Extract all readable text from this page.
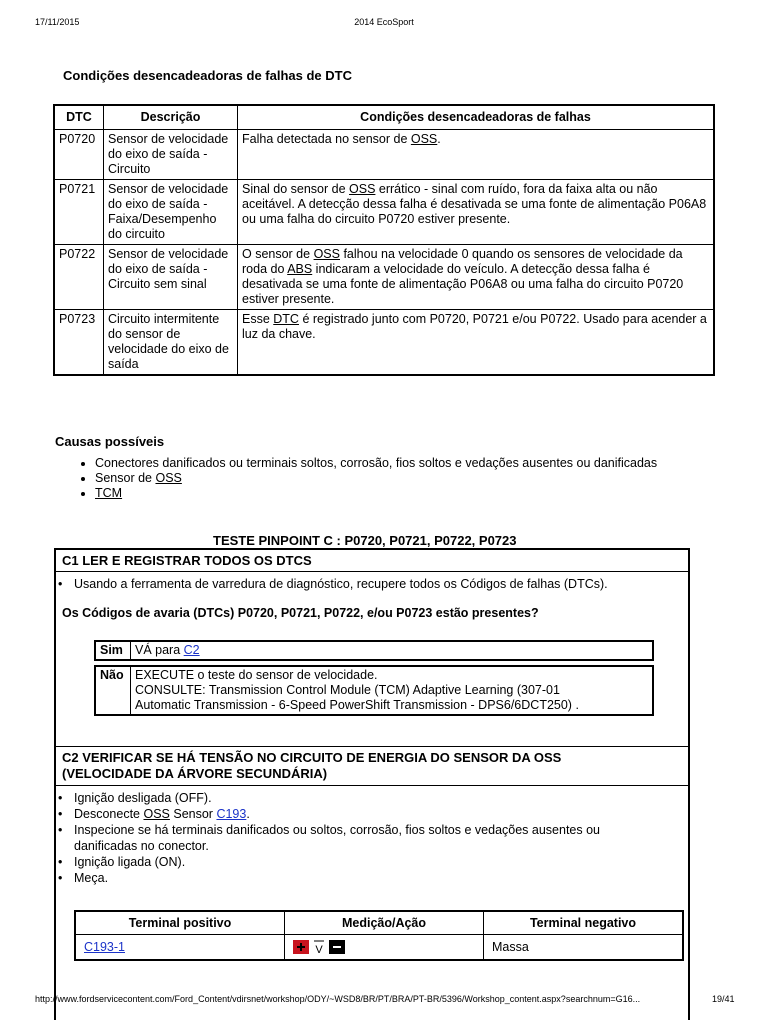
17/11/2015	2014 EcoSport
Condições desencadeadoras de falhas de DTC
DTC	Descrição	Condições desencadeadoras de falhas
P0720	Sensor de velocidade do eixo de saída - Circuito	Falha detectada no sensor de OSS.
P0721	Sensor de velocidade do eixo de saída - Faixa/Desempenho do circuito	Sinal do sensor de OSS errático - sinal com ruído, fora da faixa alta ou não aceitável. A detecção dessa falha é desativada se uma fonte de alimentação P06A8 ou uma falha do circuito P0720 estiver presente.
P0722	Sensor de velocidade do eixo de saída - Circuito sem sinal	O sensor de OSS falhou na velocidade 0 quando os sensores de velocidade da roda do ABS indicaram a velocidade do veículo. A detecção dessa falha é desativada se uma fonte de alimentação P06A8 ou uma falha do circuito P0720 estiver presente.
P0723	Circuito intermitente do sensor de velocidade do eixo de saída	Esse DTC é registrado junto com P0720, P0721 e/ou P0722. Usado para acender a luz da chave.
Causas possíveis
• Conectores danificados ou terminais soltos, corrosão, fios soltos e vedações ausentes ou danificadas
• Sensor de OSS
• TCM
TESTE PINPOINT C : P0720, P0721, P0722, P0723
C1 LER E REGISTRAR TODOS OS DTCS
• Usando a ferramenta de varredura de diagnóstico, recupere todos os Códigos de falhas (DTCs).
Os Códigos de avaria (DTCs) P0720, P0721, P0722, e/ou P0723 estão presentes?
Sim	VÁ para C2
Não	EXECUTE o teste do sensor de velocidade.
CONSULTE: Transmission Control Module (TCM) Adaptive Learning (307-01
Automatic Transmission - 6-Speed PowerShift Transmission - DPS6/6DCT250) .
C2 VERIFICAR SE HÁ TENSÃO NO CIRCUITO DE ENERGIA DO SENSOR DA OSS
(VELOCIDADE DA ÁRVORE SECUNDÁRIA)
• Ignição desligada (OFF).
• Desconecte OSS Sensor C193.
• Inspecione se há terminais danificados ou soltos, corrosão, fios soltos e vedações ausentes ou danificadas no conector.
• Ignição ligada (ON).
• Meça.
Terminal positivo	Medição/Ação	Terminal negativo
C193-1	V	Massa
http://www.fordservicecontent.com/Ford_Content/vdirsnet/workshop/ODY/~WSD8/BR/PT/BRA/PT-BR/5396/Workshop_content.aspx?searchnum=G16...	19/41
